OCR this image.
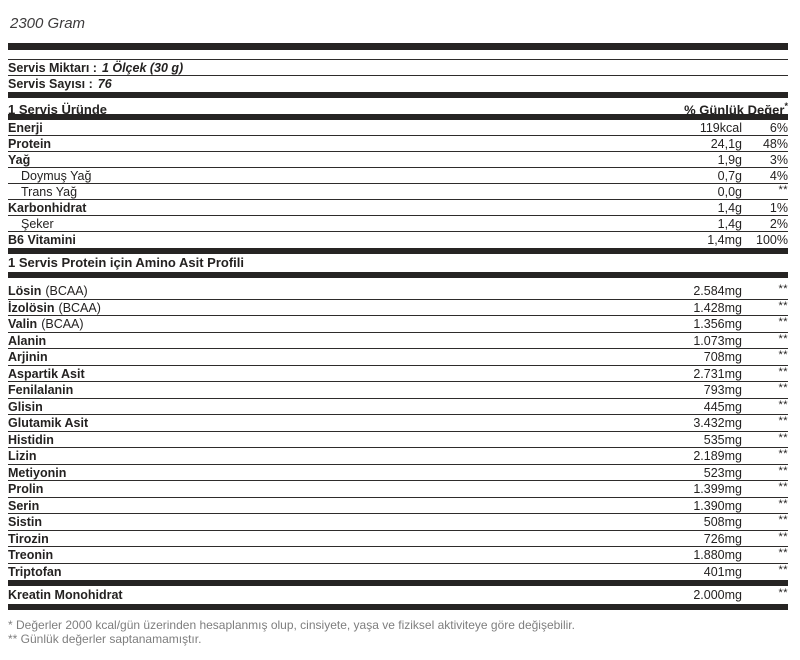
2300 Gram
Servis Miktarı : 1 Ölçek (30 g)
Servis Sayısı : 76
1 Servis Üründe	% Günlük Değer*
Enerji	119kcal	6%
Protein	24,1g	48%
Yağ	1,9g	3%
Doymuş Yağ	0,7g	4%
Trans Yağ	0,0g	**
Karbonhidrat	1,4g	1%
Şeker	1,4g	2%
B6 Vitamini	1,4mg	100%
1 Servis Protein için Amino Asit Profili
Lösin (BCAA)	2.584mg	**
İzolösin (BCAA)	1.428mg	**
Valin (BCAA)	1.356mg	**
Alanin	1.073mg	**
Arjinin	708mg	**
Aspartik Asit	2.731mg	**
Fenilalanin	793mg	**
Glisin	445mg	**
Glutamik Asit	3.432mg	**
Histidin	535mg	**
Lizin	2.189mg	**
Metiyonin	523mg	**
Prolin	1.399mg	**
Serin	1.390mg	**
Sistin	508mg	**
Tirozin	726mg	**
Treonin	1.880mg	**
Triptofan	401mg	**
Kreatin Monohidrat	2.000mg	**
* Değerler 2000 kcal/gün üzerinden hesaplanmış olup, cinsiyete, yaşa ve fiziksel aktiviteye göre değişebilir.
** Günlük değerler saptanamamıştır.
